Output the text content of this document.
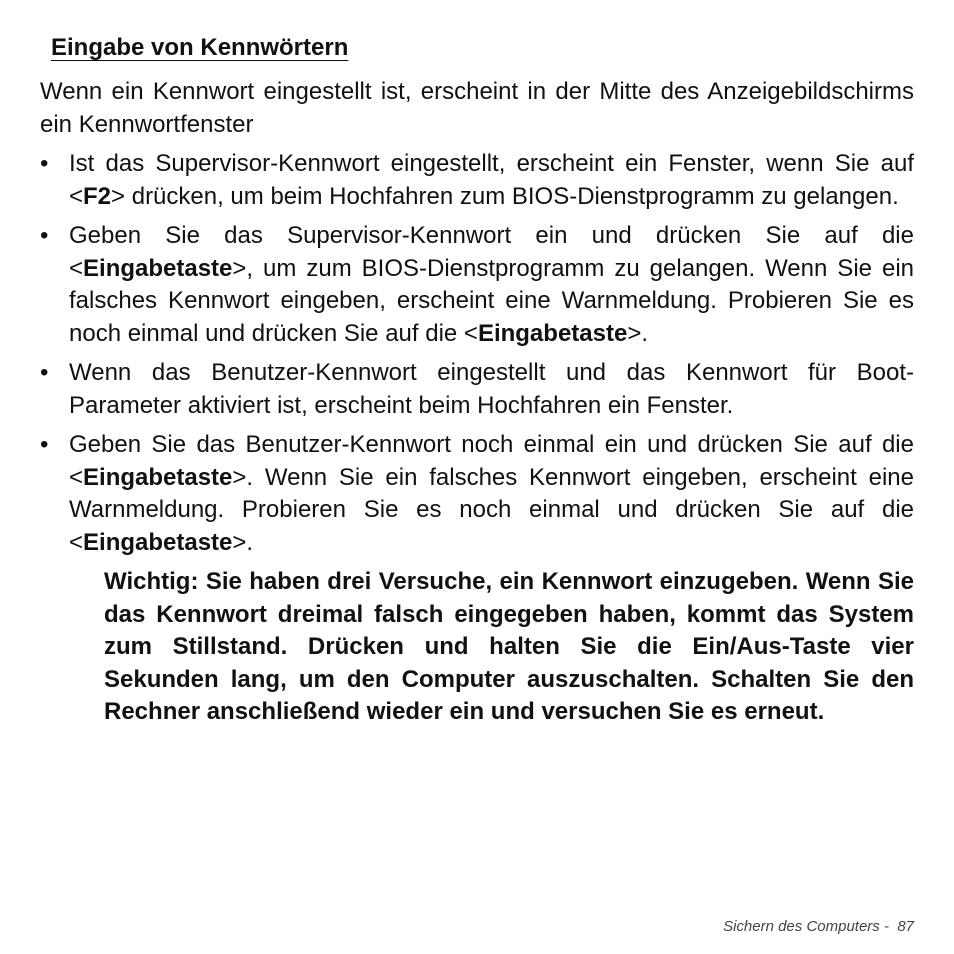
Eingabe von Kennwörtern

Wenn ein Kennwort eingestellt ist, erscheint in der Mitte des Anzeigebildschirms ein Kennwortfenster

• Ist das Supervisor-Kennwort eingestellt, erscheint ein Fenster, wenn Sie auf <F2> drücken, um beim Hochfahren zum BIOS-Dienstprogramm zu gelangen.
• Geben Sie das Supervisor-Kennwort ein und drücken Sie auf die <Eingabetaste>, um zum BIOS-Dienstprogramm zu gelangen. Wenn Sie ein falsches Kennwort eingeben, erscheint eine Warnmeldung. Probieren Sie es noch einmal und drücken Sie auf die <Eingabetaste>.
• Wenn das Benutzer-Kennwort eingestellt und das Kennwort für Boot-Parameter aktiviert ist, erscheint beim Hochfahren ein Fenster.
• Geben Sie das Benutzer-Kennwort noch einmal ein und drücken Sie auf die <Eingabetaste>. Wenn Sie ein falsches Kennwort eingeben, erscheint eine Warnmeldung. Probieren Sie es noch einmal und drücken Sie auf die <Eingabetaste>.

Wichtig: Sie haben drei Versuche, ein Kennwort einzugeben. Wenn Sie das Kennwort dreimal falsch eingegeben haben, kommt das System zum Stillstand. Drücken und halten Sie die Ein/Aus-Taste vier Sekunden lang, um den Computer auszuschalten. Schalten Sie den Rechner anschließend wieder ein und versuchen Sie es erneut.

Sichern des Computers - 87
